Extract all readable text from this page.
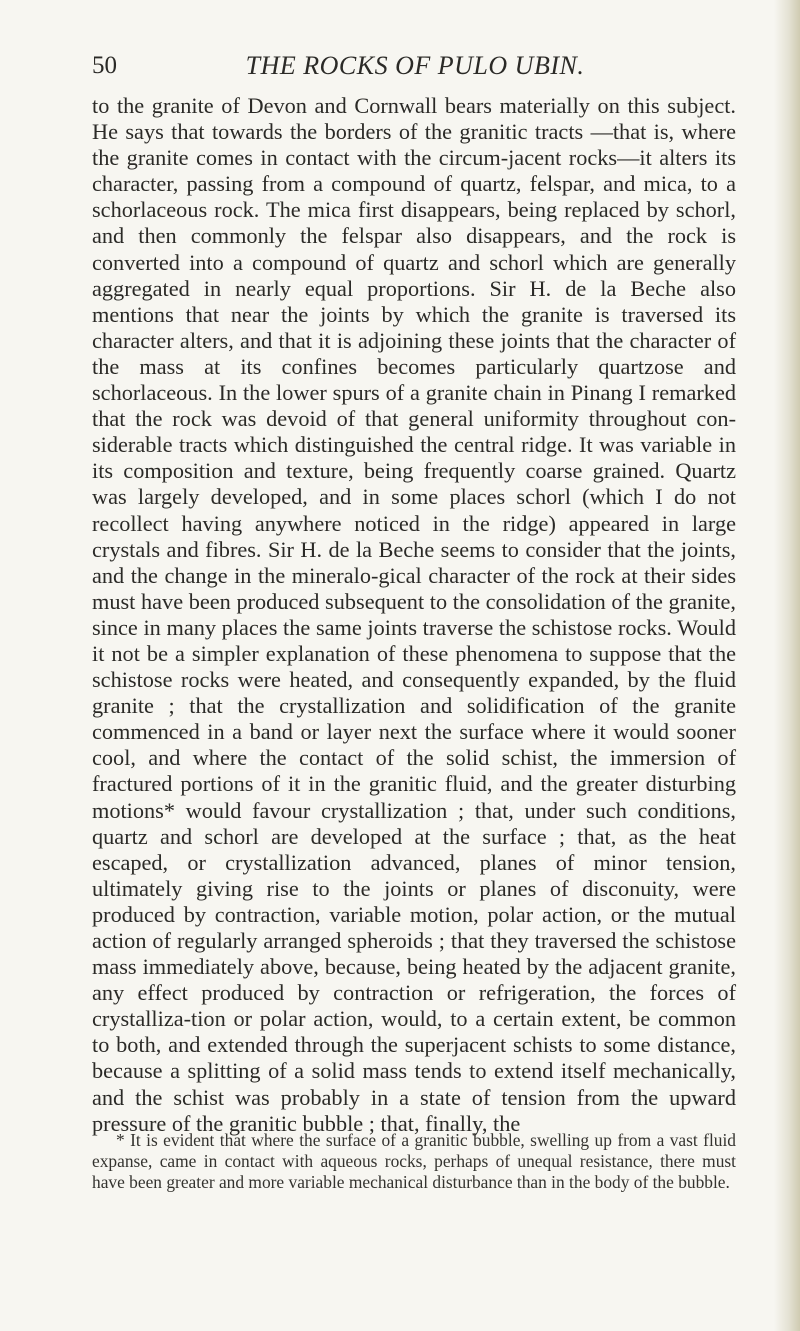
50	THE ROCKS OF PULO UBIN.

to the granite of Devon and Cornwall bears materially on this subject. He says that towards the borders of the granitic tracts —that is, where the granite comes in contact with the circum-jacent rocks—it alters its character, passing from a compound of quartz, felspar, and mica, to a schorlaceous rock. The mica first disappears, being replaced by schorl, and then commonly the felspar also disappears, and the rock is converted into a compound of quartz and schorl which are generally aggregated in nearly equal proportions. Sir H. de la Beche also mentions that near the joints by which the granite is traversed its character alters, and that it is adjoining these joints that the character of the mass at its confines becomes particularly quartzose and schorlaceous. In the lower spurs of a granite chain in Pinang I remarked that the rock was devoid of that general uniformity throughout con-siderable tracts which distinguished the central ridge. It was variable in its composition and texture, being frequently coarse grained. Quartz was largely developed, and in some places schorl (which I do not recollect having anywhere noticed in the ridge) appeared in large crystals and fibres. Sir H. de la Beche seems to consider that the joints, and the change in the mineralo-gical character of the rock at their sides must have been produced subsequent to the consolidation of the granite, since in many places the same joints traverse the schistose rocks. Would it not be a simpler explanation of these phenomena to suppose that the schistose rocks were heated, and consequently expanded, by the fluid granite ; that the crystallization and solidification of the granite commenced in a band or layer next the surface where it would sooner cool, and where the contact of the solid schist, the immersion of fractured portions of it in the granitic fluid, and the greater disturbing motions* would favour crystallization ; that, under such conditions, quartz and schorl are developed at the surface ; that, as the heat escaped, or crystallization advanced, planes of minor tension, ultimately giving rise to the joints or planes of disconuity, were produced by contraction, variable motion, polar action, or the mutual action of regularly arranged spheroids ; that they traversed the schistose mass immediately above, because, being heated by the adjacent granite, any effect produced by contraction or refrigeration, the forces of crystalliza-tion or polar action, would, to a certain extent, be common to both, and extended through the superjacent schists to some distance, because a splitting of a solid mass tends to extend itself mechanically, and the schist was probably in a state of tension from the upward pressure of the granitic bubble ; that, finally, the

* It is evident that where the surface of a granitic bubble, swelling up from a vast fluid expanse, came in contact with aqueous rocks, perhaps of unequal resistance, there must have been greater and more variable mechanical disturbance than in the body of the bubble.
